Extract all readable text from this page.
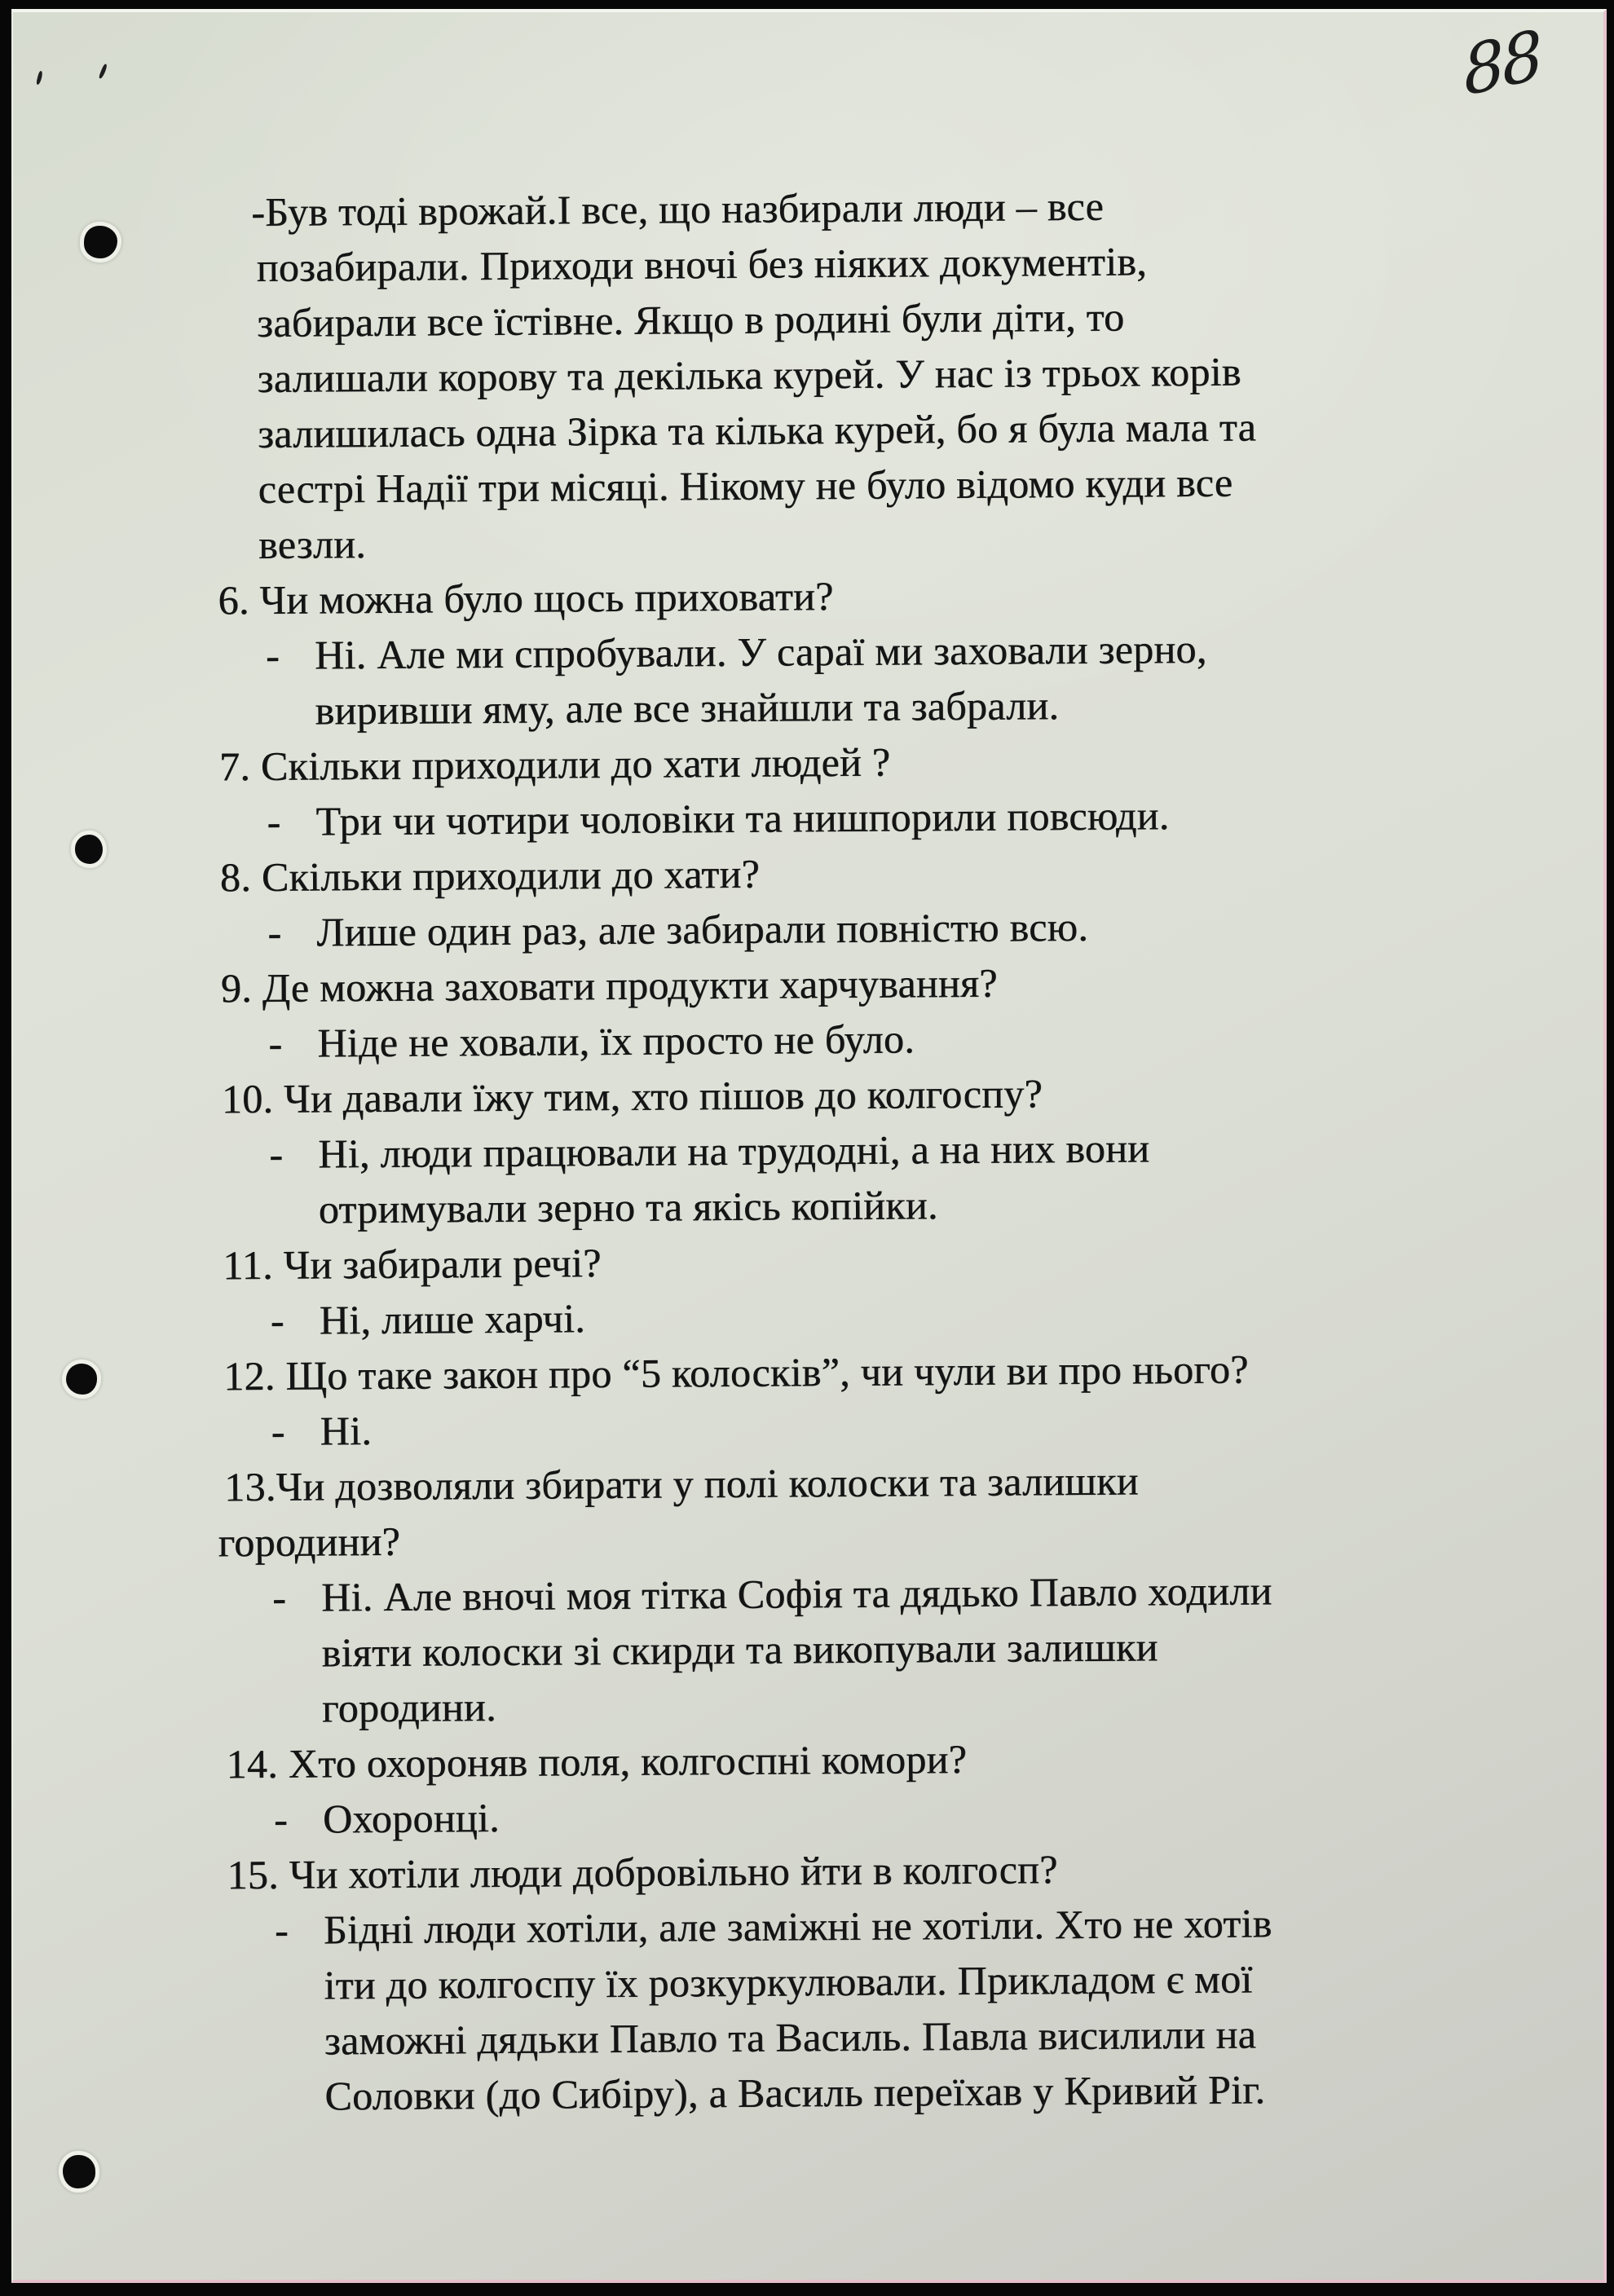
88
-Був тоді врожай.І все, що назбирали люди – все
позабирали. Приходи вночі без ніяких документів,
забирали все їстівне. Якщо в родині були діти, то
залишали корову та декілька курей. У нас із трьох корів
залишилась одна Зірка та кілька курей, бо я була мала та
сестрі Надії три місяці. Нікому не було відомо куди все
везли.
6. Чи можна було щось приховати?
- Ні. Але ми спробували. У сараї ми заховали зерно,
виривши яму, але все знайшли та забрали.
7. Скільки приходили до хати людей ?
- Три чи чотири чоловіки та нишпорили повсюди.
8. Скільки приходили до хати?
- Лише один раз, але забирали повністю всю.
9. Де можна заховати продукти харчування?
- Ніде не ховали, їх просто не було.
10. Чи давали їжу тим, хто пішов до колгоспу?
- Ні, люди працювали на трудодні, а на них вони
отримували зерно та якісь копійки.
11. Чи забирали речі?
- Ні, лише харчі.
12. Що таке закон про “5 колосків”, чи чули ви про нього?
- Ні.
13.Чи дозволяли збирати у полі колоски та залишки
городини?
- Ні. Але вночі моя тітка Софія та дядько Павло ходили
віяти колоски зі скирди та викопували залишки
городини.
14. Хто охороняв поля, колгоспні комори?
- Охоронці.
15. Чи хотіли люди добровільно йти в колгосп?
- Бідні люди хотіли, але заміжні не хотіли. Хто не хотів
іти до колгоспу їх розкуркулювали. Прикладом є мої
заможні дядьки Павло та Василь. Павла висилили на
Соловки (до Сибіру), а Василь переїхав у Кривий Ріг.
